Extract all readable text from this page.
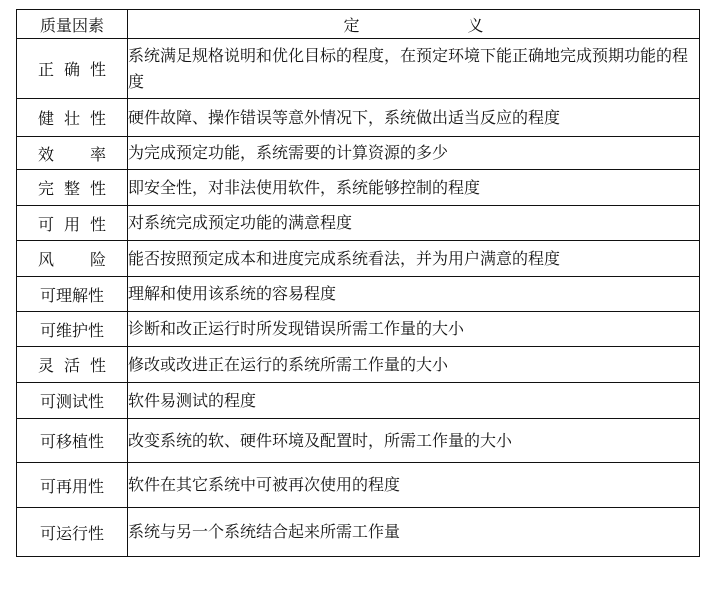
质量因素	定 义

正 确 性	系统满足规格说明和优化目标的程度，在预定环境下能正确地完成预期功能的程度

健 壮 性	硬件故障、操作错误等意外情况下，系统做出适当反应的程度

效 率	为完成预定功能，系统需要的计算资源的多少

完 整 性	即安全性，对非法使用软件，系统能够控制的程度

可 用 性	对系统完成预定功能的满意程度

风 险	能否按照预定成本和进度完成系统看法，并为用户满意的程度
可理解性	理解和使用该系统的容易程度
可维护性	诊断和改正运行时所发现错误所需工作量的大小

灵 活 性	修改或改进正在运行的系统所需工作量的大小
可测试性	软件易测试的程度
可移植性	改变系统的软、硬件环境及配置时，所需工作量的大小
可再用性	软件在其它系统中可被再次使用的程度
可运行性	系统与另一个系统结合起来所需工作量
